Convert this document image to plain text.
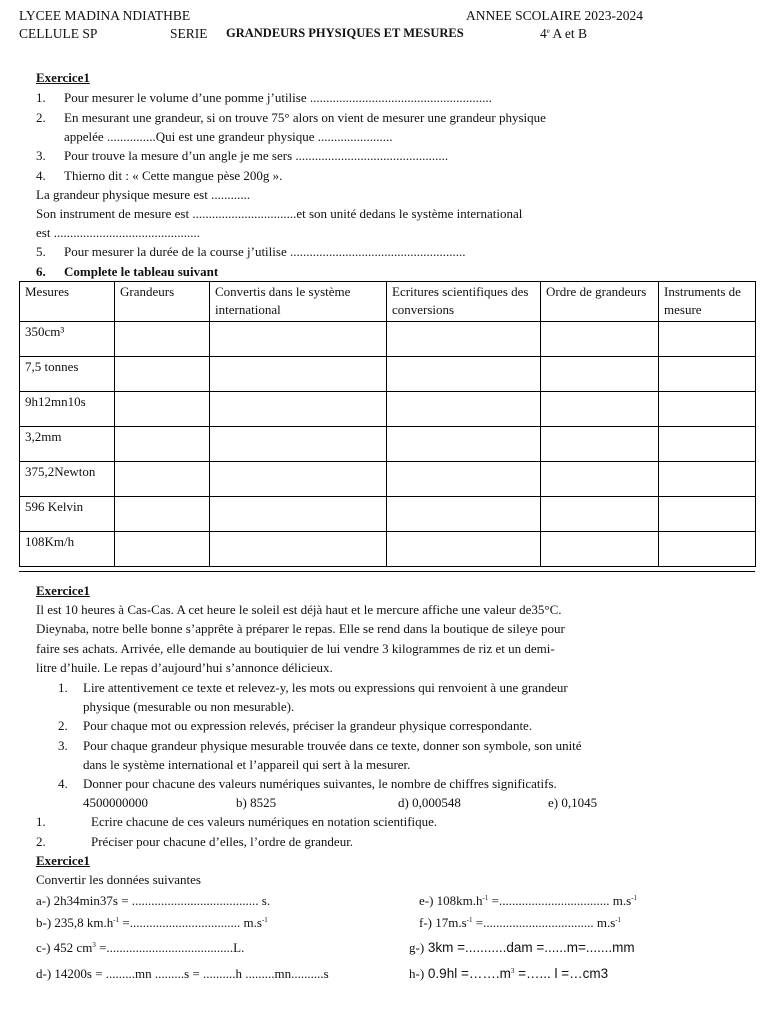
LYCEE MADINA NDIATHBE	ANNEE SCOLAIRE 2023-2024
CELLULE SP	SERIE GRANDEURS PHYSIQUES ET MESURES	4e A et B
Exercice1
1. Pour mesurer le volume d’une pomme j’utilise ........................................................
2. En mesurant une grandeur, si on trouve 75° alors on vient de mesurer une grandeur physique
appelée ...............Qui est une grandeur physique .......................
3. Pour trouve la mesure d’un angle je me sers ...............................................
4. Thierno dit : « Cette mangue pèse 200g ».
La grandeur physique mesure est ............
Son instrument de mesure est ................................et son unité dedans le système international
est .............................................
5. Pour mesurer la durée de la course j’utilise ......................................................
6. Complete le tableau suivant
Mesures	Grandeurs	Convertis dans le système international	Ecritures scientifiques des conversions	Ordre de grandeurs	Instruments de mesure
350cm³					
7,5 tonnes					
9h12mn10s					
3,2mm					
375,2Newton					
596 Kelvin					
108Km/h					
Exercice1
Il est 10 heures à Cas-Cas. A cet heure le soleil est déjà haut et le mercure affiche une valeur de35°C.
Dieynaba, notre belle bonne s’apprête à préparer le repas. Elle se rend dans la boutique de sileye pour
faire ses achats. Arrivée, elle demande au boutiquier de lui vendre 3 kilogrammes de riz et un demi-
litre d’huile. Le repas d’aujourd’hui s’annonce délicieux.
1. Lire attentivement ce texte et relevez-y, les mots ou expressions qui renvoient à une grandeur
physique (mesurable ou non mesurable).
2. Pour chaque mot ou expression relevés, préciser la grandeur physique correspondante.
3. Pour chaque grandeur physique mesurable trouvée dans ce texte, donner son symbole, son unité
dans le système international et l’appareil qui sert à la mesurer.
4. Donner pour chacune des valeurs numériques suivantes, le nombre de chiffres significatifs.
4500000000	b) 8525	d) 0,000548	e) 0,1045
1.	Ecrire chacune de ces valeurs numériques en notation scientifique.
2.	Préciser pour chacune d’elles, l’ordre de grandeur.
Exercice1
Convertir les données suivantes
a-) 2h34min37s = ....................................... s.
b-) 235,8 $km.h^{-1}$ =.................................. $m.s^{-1}$
c-) 452 $cm^3 =.......................................L$.
d-) 14200s = .........mn .........s = ..........h .........mn..........s
e-) $108km.h^{-1}$ =.................................. $m.s^{-1}$
f-) $17m.s^{-1}$ =.................................. $m.s^{-1}$
g-) 3km =...........dam =......m=.......mm
h-) $0.9hl =\dots\dots.m^3$ =…... l =…cm3
